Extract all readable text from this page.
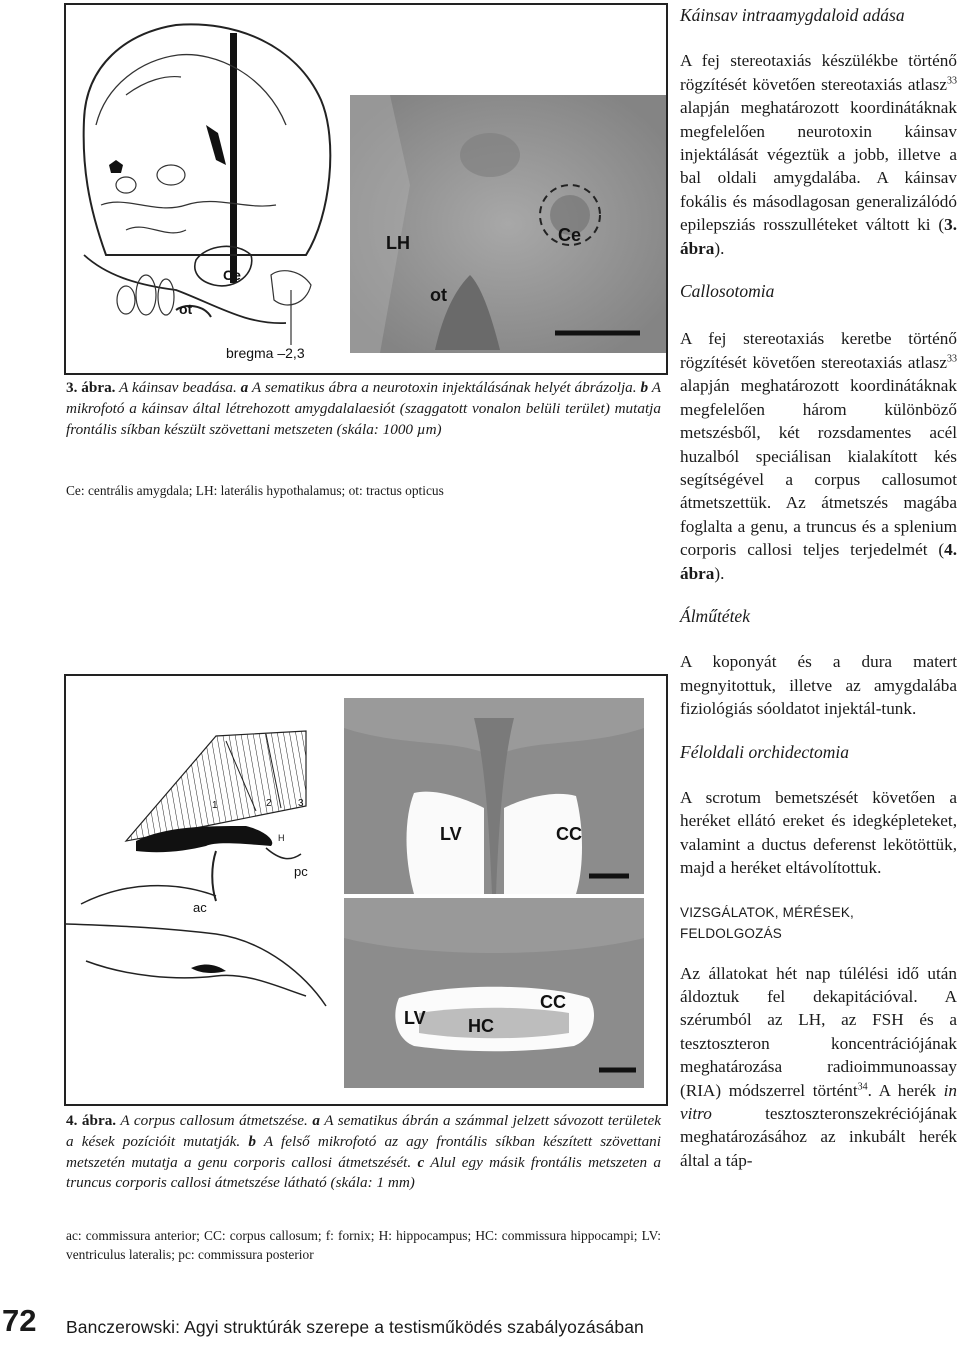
Ce
ot
bregma –2,3
LH
ot
Ce
3. ábra. A káinsav beadása. a A sematikus ábra a neurotoxin injektálásának helyét ábrázolja. b A mikrofotó a káinsav által létrehozott amygdalalaesiót (szaggatott vonalon belüli terület) mutatja frontális síkban készült szövettani metszeten (skála: 1000 µm)
Ce: centrális amygdala; LH: laterális hypothalamus; ot: tractus opticus
1	2	3
H
pc
ac
LV	CC
LV HC
CC
4. ábra. A corpus callosum átmetszése. a A sematikus ábrán a számmal jelzett sávozott területek a kések pozícióit mutatják. b A felső mikrofotó az agy frontális síkban készített szövettani metszetén mutatja a genu corporis callosi átmetszését. c Alul egy másik frontális metszeten a truncus corporis callosi átmetszése látható (skála: 1 mm)
ac: commissura anterior; CC: corpus callosum; f: fornix; H: hippocampus; HC: commissura hippocampi; LV: ventriculus lateralis; pc: commissura posterior

Káinsav intraamygdaloid adása

A fej stereotaxiás készülékbe történő rögzítését követően stereotaxiás atlasz$^{33}$ alapján meghatározott koordinátáknak megfelelően neurotoxin káinsav injektálását végeztük a jobb, illetve a bal oldali amygdalába. A káinsav fokális és másodlagosan generalizálódó epilepsziás rosszulléteket váltott ki (3. ábra).

Callosotomia

A fej stereotaxiás keretbe történő rögzítését követően stereotaxiás atlasz$^{33}$ alapján meghatározott koordinátáknak megfelelően három különböző metszésből, két rozsdamentes acél huzalból speciálisan kialakított kés segítségével a corpus callosumot átmetszettük. Az átmetszés magába foglalta a genu, a truncus és a splenium corporis callosi teljes terjedelmét (4. ábra).

Álműtétek

A koponyát és a dura matert megnyitottuk, illetve az amygdalába fiziológiás sóoldatot injektál-tunk.

Féloldali orchidectomia

A scrotum bemetszését követően a heréket ellátó ereket és idegképleteket, valamint a ductus deferenst lekötöttük, majd a heréket eltávolítottuk.

VIZSGÁLATOK, MÉRÉSEK,
FELDOLGOZÁS

Az állatokat hét nap túlélési idő után áldoztuk fel dekapitációval. A szérumból az LH, az FSH és a tesztoszteron koncentrációjának meghatározása radioimmunoassay (RIA) módszerrel történt$^{34}$. A herék in vitro tesztoszteronszekréciójának meghatározásához az inkubált herék által a táp-

72 Banczerowski: Agyi struktúrák szerepe a testisműködés szabályozásában
